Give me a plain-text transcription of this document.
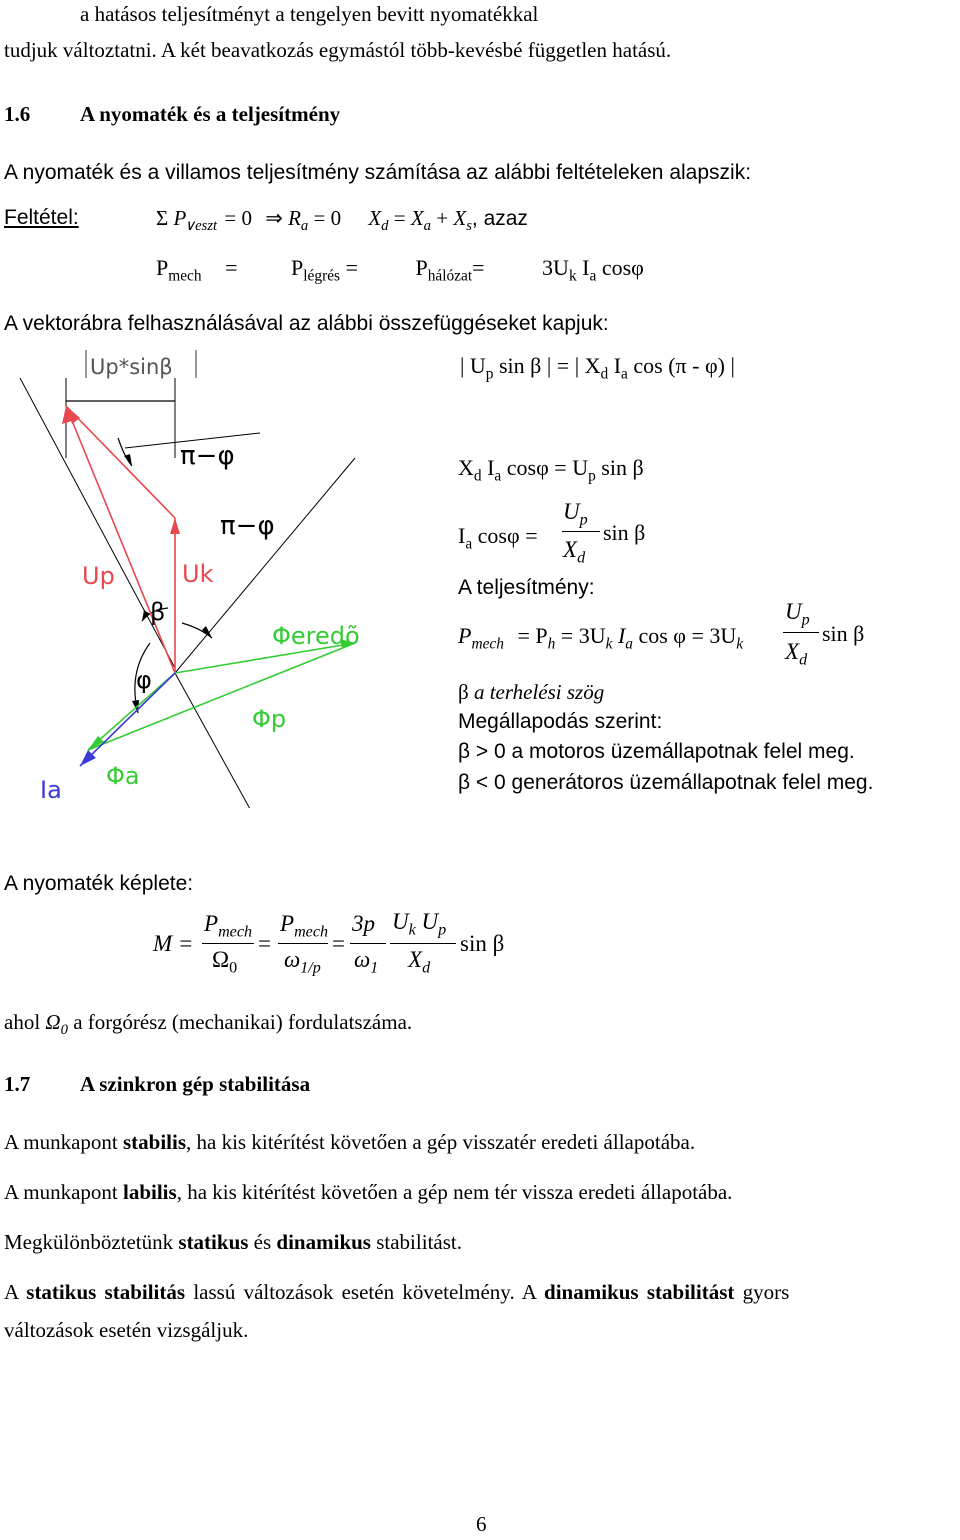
a hatásos teljesítményt a tengelyen bevitt nyomatékkal
tudjuk változtatni. A két beavatkozás egymástól több-kevésbé független hatású.
1.6 A nyomaték és a teljesítmény
A nyomaték és a villamos teljesítmény számítása az alábbi feltételeken alapszik:
Feltétel:	Σ $P_{\vee eszt} = 0$ ⇒ $R_a = 0$ $X_d = X_a + X_s$, azaz
$P_{mech} = P_{légrés}$ =	$P_{hálózat}=$	$3U_k$ $I_a$ cosφ
A vektorábra felhasználásával az alábbi összefüggéseket kapjuk:
Up*sinβ
π−φ
π−φ
Up	Uk
β
φ
Φeredõ
Φp
Φa
Ia
| $U_p$ sin β | = | $X_d$ $I_a$ cos (π - φ) |
$X_d$ $I_a$ $\cos\varphi = U_p$ sin β
$I_a$ cosφ =
$U_p$
$X_d$
sin β
A teljesítmény:
$P_{mech} = P_h = 3U_k$ $I_a$ $\cos \varphi = 3U_k$
$U_p$
$X_d$
sin β
β a terhelési szög
Megállapodás szerint:
β > 0 a motoros üzemállapotnak felel meg.
β < 0 generátoros üzemállapotnak felel meg.
A nyomaték képlete:
M =
$P_{mech}$
$\Omega_0$
=
$P_{mech}$
$\omega_{1/p}$
=
3p
$\omega_1$
$U_k$ $U_p$
$X_d$
sin β
ahol $\Omega_0$ a forgórész (mechanikai) fordulatszáma.
1.7 A szinkron gép stabilitása
A munkapont stabilis, ha kis kitérítést követően a gép visszatér eredeti állapotába.
A munkapont labilis, ha kis kitérítést követően a gép nem tér vissza eredeti állapotába.
Megkülönböztetünk statikus és dinamikus stabilitást.
A statikus stabilitás lassú változások esetén követelmény. A dinamikus stabilitást gyors
változások esetén vizsgáljuk.
6
